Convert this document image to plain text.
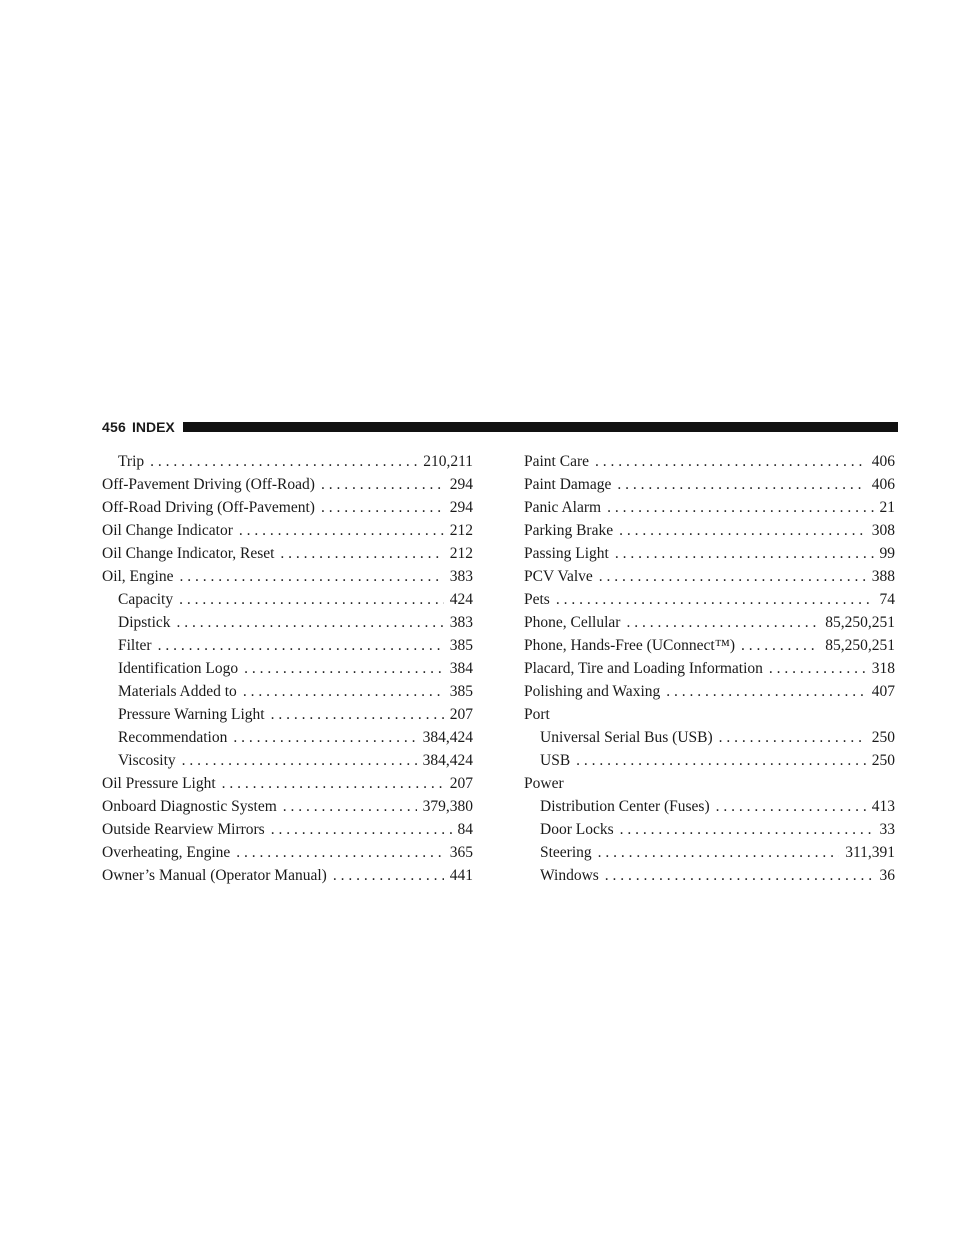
456 INDEX
Trip . . .	210,211
Off-Pavement Driving (Off-Road) . . .	294
Off-Road Driving (Off-Pavement) . . .	294
Oil Change Indicator . . .	212
Oil Change Indicator, Reset . . .	212
Oil, Engine . . .	383
Capacity . . .	424
Dipstick . . .	383
Filter . . .	385
Identification Logo . . .	384
Materials Added to . . .	385
Pressure Warning Light . . .	207
Recommendation . . .	384,424
Viscosity . . .	384,424
Oil Pressure Light . . .	207
Onboard Diagnostic System . . .	379,380
Outside Rearview Mirrors . . .	84
Overheating, Engine . . .	365
Owner’s Manual (Operator Manual) . . .	441
Paint Care . . .	406
Paint Damage . . .	406
Panic Alarm . . .	21
Parking Brake . . .	308
Passing Light . . .	99
PCV Valve . . .	388
Pets . . .	74
Phone, Cellular . . .	85,250,251
Phone, Hands-Free (UConnect™) . . .	85,250,251
Placard, Tire and Loading Information . . .	318
Polishing and Waxing . . .	407
Port
Universal Serial Bus (USB) . . .	250
USB . . .	250
Power
Distribution Center (Fuses) . . .	413
Door Locks . . .	33
Steering . . .	311,391
Windows . . .	36
